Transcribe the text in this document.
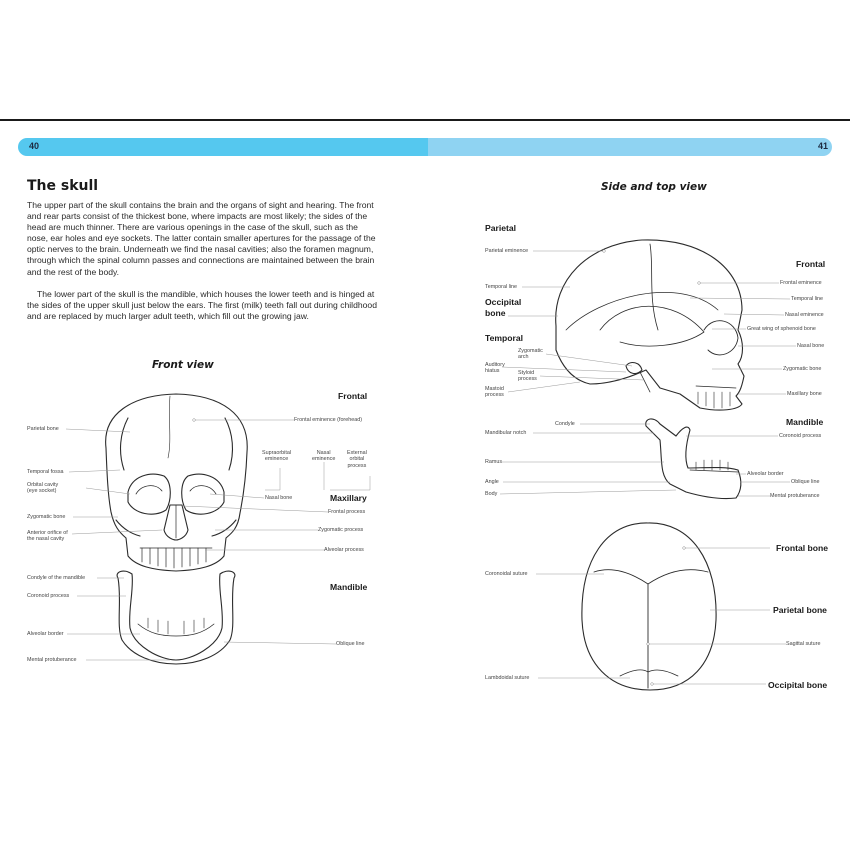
40	41
The skull

The upper part of the skull contains the brain and the organs of sight and hearing. The front and rear parts consist of the thickest bone, where impacts are most likely; the sides of the head are much thinner. There are various openings in the case of the skull, such as the nose, ear holes and eye sockets. The latter contain smaller apertures for the passage of the optic nerves to the brain. Underneath we find the nasal cavities; also the foramen magnum, through which the spinal column passes and connections are maintained between the brain and the rest of the body.

The lower part of the skull is the mandible, which houses the lower teeth and is hinged at the sides of the upper skull just below the ears. The first (milk) teeth fall out during childhood and are replaced by much larger adult teeth, which fill out the growing jaw.

Front view
Side and top view
Frontal
Maxillary
Mandible
Parietal bone
Temporal fossa
Orbital cavity
(eye socket)
Zygomatic bone
Anterior orifice of
the nasal cavity
Frontal eminence (forehead)
Supraorbital
eminence
Nasal
eminence
External
orbital
process
Nasal bone
Frontal process
Zygomatic process
Alveolar process
Condyle of the mandible
Coronoid process
Alveolar border
Mental protuberance
Oblique line
Parietal
Occipital
bone
Temporal
Frontal
Mandible
Parietal eminence
Temporal line
Zygomatic
arch
Auditory
hiatus	Styloid
process
Mastoid
process
Frontal eminence
Temporal line
Nasal eminence
Great wing of sphenoid bone
Nasal bone
Zygomatic bone
Maxillary bone
Condyle
Mandibular notch
Ramus
Angle
Body
Coronoid process
Alveolar border
Oblique line
Mental protuberance
Frontal bone
Parietal bone
Occipital bone
Coronoidal suture
Sagittal suture
Lambdoidal suture
